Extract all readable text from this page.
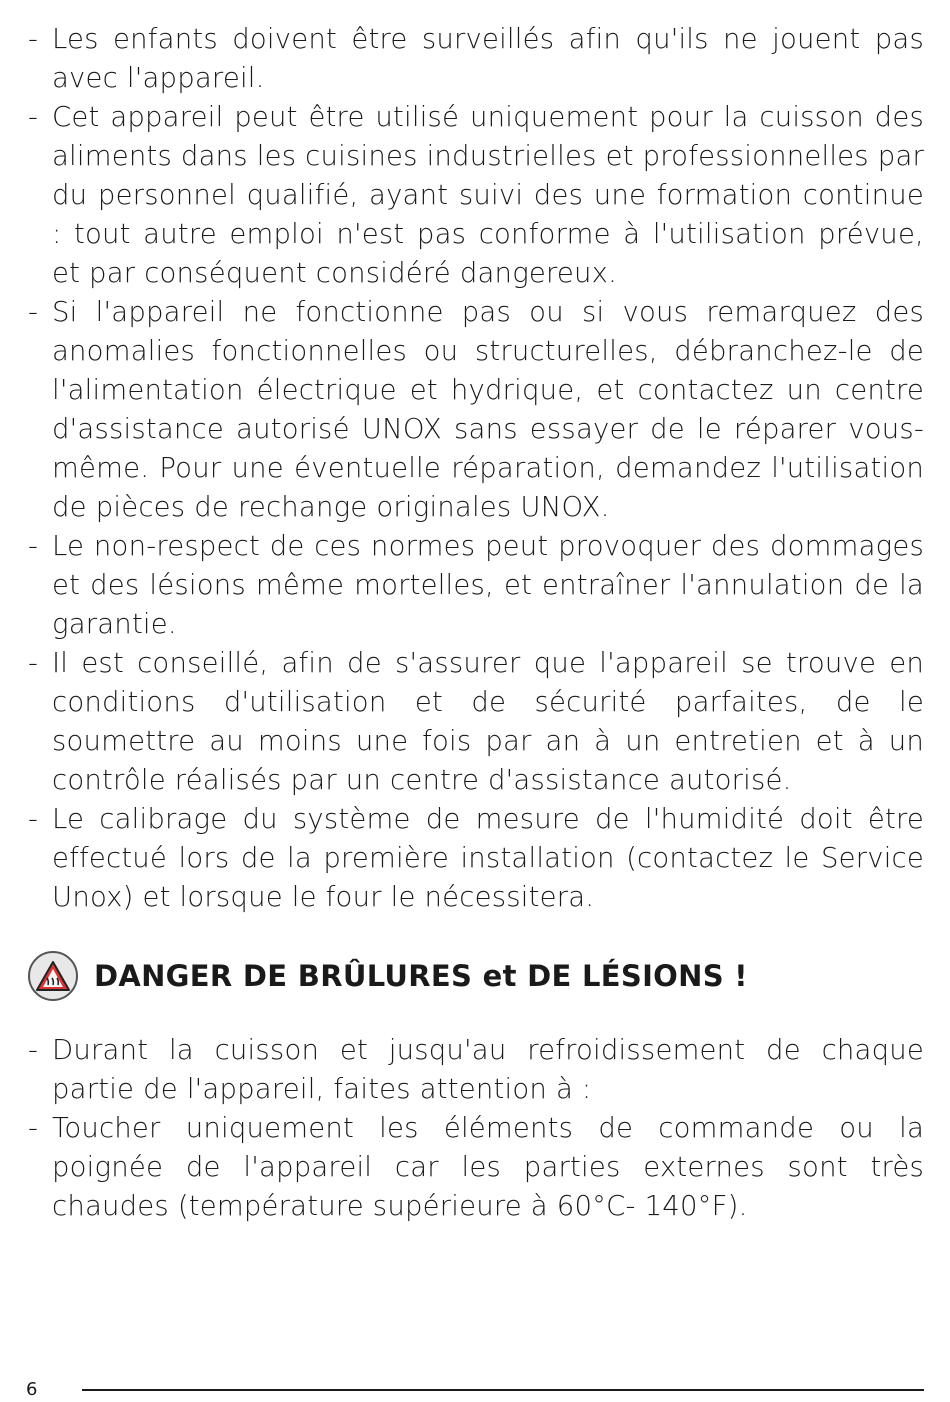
- Les enfants doivent être surveillés afin qu'ils ne jouent pas avec l'appareil.
- Cet appareil peut être utilisé uniquement pour la cuisson des aliments dans les cuisines industrielles et professionnelles par du personnel qualifié, ayant suivi des une formation continue : tout autre emploi n'est pas conforme à l'utilisation prévue, et par conséquent considéré dangereux.
- Si l'appareil ne fonctionne pas ou si vous remarquez des anomalies fonctionnelles ou structurelles, débranchez-le de l'alimentation électrique et hydrique, et contactez un centre d'assistance autorisé UNOX sans essayer de le réparer vous-même. Pour une éventuelle réparation, demandez l'utilisation de pièces de rechange originales UNOX.
- Le non-respect de ces normes peut provoquer des dommages et des lésions même mortelles, et entraîner l'annulation de la garantie.
- Il est conseillé, afin de s'assurer que l'appareil se trouve en conditions d'utilisation et de sécurité parfaites, de le soumettre au moins une fois par an à un entretien et à un contrôle réalisés par un centre d'assistance autorisé.
- Le calibrage du système de mesure de l'humidité doit être effectué lors de la première installation (contactez le Service Unox) et lorsque le four le nécessitera.
DANGER DE BRÛLURES et DE LÉSIONS !
- Durant la cuisson et jusqu'au refroidissement de chaque partie de l'appareil, faites attention à :
- Toucher uniquement les éléments de commande ou la poignée de l'appareil car les parties externes sont très chaudes (température supérieure à 60°C- 140°F).
6
